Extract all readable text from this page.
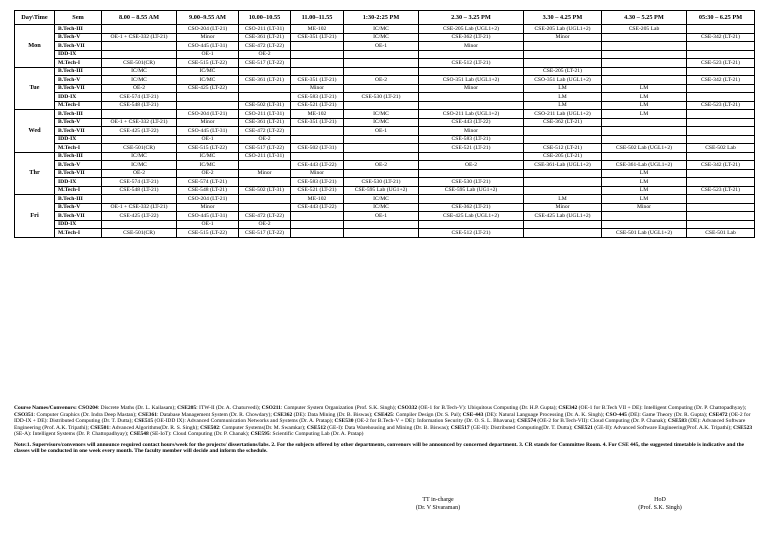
Day\Time	Sem	8.00 – 8.55 AM	9.00–9.55 AM	10.00–10.55	11.00–11.55	1:30-2:25 PM	2.30 – 3.25 PM	3.30 – 4.25 PM	4.30 – 5.25 PM	05:30 – 6.25 PM
Mon	B.Tech-III		CSO-204 (LT-21)	CSO-211 (LT-31)	ME-102	IC/MC	CSE-205 Lab (UGL1+2)	CSE-205 Lab (UGL1+2)	CSE-205 Lab	
	B.Tech-V	OE-1 + CSE-332 (LT-21)	Minor	CSE-361 (LT-21)	CSE-351 (LT-21)	IC/MC	CSE-362 (LT-21)	Minor		CSE-342 (LT-21)
	B.Tech-VII		CSO-445 (LT-31)	CSE-472 (LT-22)		OE-1	Minor			
	IDD-IX		OE-1	OE-2						
	M.Tech-I	CSE-501(CR)	CSE-515 (LT-22)	CSE-517 (LT-22)			CSE-512 (LT-21)			CSE-523 (LT-21)
Tue	B.Tech-III	IC/MC	IC/MC					CSE-205 (LT-21)		
	B.Tech-V	IC/MC	IC/MC	CSE-361 (LT-21)	CSE-351 (LT-21)	OE-2	CSO-351 Lab (UGL1+2)	CSO-351 Lab (UGL1+2)		CSE-342 (LT-21)
	B.Tech-VII	OE-2	CSE-425 (LT-22)		Minor		Minor	LM	LM	
	IDD-IX	CSE-574 (LT-21)			CSE-583 (LT-21)	CSE-530 (LT-21)		LM	LM	
	M.Tech-I	CSE-548 (LT-21)		CSE-502 (LT-31)	CSE-521 (LT-21)			LM	LM	CSE-523 (LT-21)
Wed	B.Tech-III		CSO-204 (LT-21)	CSO-211 (LT-31)	ME-102	IC/MC	CSO-211 Lab (UGL1+2)	CSO-211 Lab (UGL1+2)	LM	
	B.Tech-V	OE-1 + CSE-332 (LT-21)	Minor	CSE-361 (LT-21)	CSE-351 (LT-21)	IC/MC	CSE-443 (LT-22)	CSE-362 (LT-21)		
	B.Tech-VII	CSE-425 (LT-22)	CSO-445 (LT-31)	CSE-472 (LT-22)		OE-1	Minor			
	IDD-IX		OE-1	OE-2			CSE-583 (LT-21)			
	M.Tech-I	CSE-501(CR)	CSE-515 (LT-22)	CSE-517 (LT-22)	CSE-502 (LT-31)		CSE-521 (LT-21)	CSE-512 (LT-21)	CSE-502 Lab (UGL1+2)	CSE-502 Lab
Thr	B.Tech-III	IC/MC	IC/MC	CSO-211 (LT-31)				CSE-205 (LT-21)		
	B.Tech-V	IC/MC	IC/MC		CSE-443 (LT-22)	OE-2	OE-2	CSE-361-Lab (UGL1+2)	CSE-361-Lab (UGL1+2)	CSE-342 (LT-21)
	B.Tech-VII	OE-2	OE-2	Minor	Minor				LM	
	IDD-IX	CSE-574 (LT-21)	CSE-574 (LT-21)		CSE-583 (LT-21)	CSE-530 (LT-21)	CSE-530 (LT-21)		LM	
	M.Tech-I	CSE-548 (LT-21)	CSE-548 (LT-21)	CSE-502 (LT-31)	CSE-521 (LT-21)	CSE-595 Lab (UG1+2)	CSE-595 Lab (UG1+2)		LM	CSE-523 (LT-21)
Fri	B.Tech-III		CSO-204 (LT-21)		ME-102	IC/MC		LM	LM	
	B.Tech-V	OE-1 + CSE-332 (LT-21)	Minor		CSE-443 (LT-22)	IC/MC	CSE-362 (LT-21)	Minor	Minor	
	B.Tech-VII	CSE-425 (LT-22)	CSO-445 (LT-31)	CSE-472 (LT-22)		OE-1	CSE-425 Lab (UGL1+2)	CSE-425 Lab (UGL1+2)		
	IDD-IX		OE-1	OE-2						
	M.Tech-I	CSE-501(CR)	CSE-515 (LT-22)	CSE-517 (LT-22)			CSE-512 (LT-21)		CSE-501 Lab (UGL1+2)	CSE-501 Lab

Course Names/Convenors: CSO204: Discrete Maths (Dr. L. Kailasam); CSE205: ITW-II (Dr. A. Chaturvedi); CSO211: Computer System Organization (Prof. S.K. Singh); CSO332 (OE-1 for B.Tech-V): Ubiquitous Computing (Dr. H.P. Gupta); CSE342 (OE-1 for B.Tech VII + DE): Intelligent Computing (Dr. P. Chattopadhyay); CSO351: Computer Graphics (Dr. Indra Deep Mastan); CSE361: Database Management System (Dr. R. Chowdary); CSE362 (DE): Data Mining (Dr. B. Biswas); CSE425: Compiler Design (Dr. S. Pal); CSE-443 (DE): Natural Language Processing (Dr. A. K. Singh); CSO-445 (DE): Game Theory (Dr. R. Gupta); CSE472 (OE-2 for IDD-IX + DE): Distributed Computing (Dr. T. Dutta); CSE515 (OE-IDD IX): Advanced Communication Networks and Systems (Dr. A. Pratap); CSE530 (OE-2 for B.Tech-V + DE): Information Security (Dr. O. S. L. Bhavana); CSE574 (OE-2 for B.Tech-VII): Cloud Computing (Dr. P. Chanak); CSE583 (DE): Advanced Software Engineering (Prof. A.K. Tripathi); CSE501: Advanced Algorithms(Dr. R. S. Singh); CSE502: Computer Systems(Dr. M. Swamkar); CSE512 (GE-I): Data Warehousing and Mining (Dr. B. Biswas); CSE517 (GE-II): Distributed Computing(Dr. T. Dutta); CSE521 (GE-II): Advanced Software Engineering(Prof. A.K. Tripathi); CSE523 (SE-A): Intelligent Systems (Dr. P. Chattopadhyay); CSE548 (SE-IoT): Cloud Computing (Dr. P. Chanak); CSE595: Scientific Computing Lab (Dr. A. Pratap)

Note:1. Supervisors/convenors will announce required contact hours/week for the projects/ dissertations/labs. 2. For the subjects offered by other departments, convenors will be announced by concerned department. 3. CR stands for Committee Room. 4. For CSE 445, the suggested timetable is indicative and the classes will be conducted in one week every month. The faculty member will decide and inform the schedule.

TT in-charge
(Dr. V Sivaraman)
HoD
(Prof. S.K. Singh)
